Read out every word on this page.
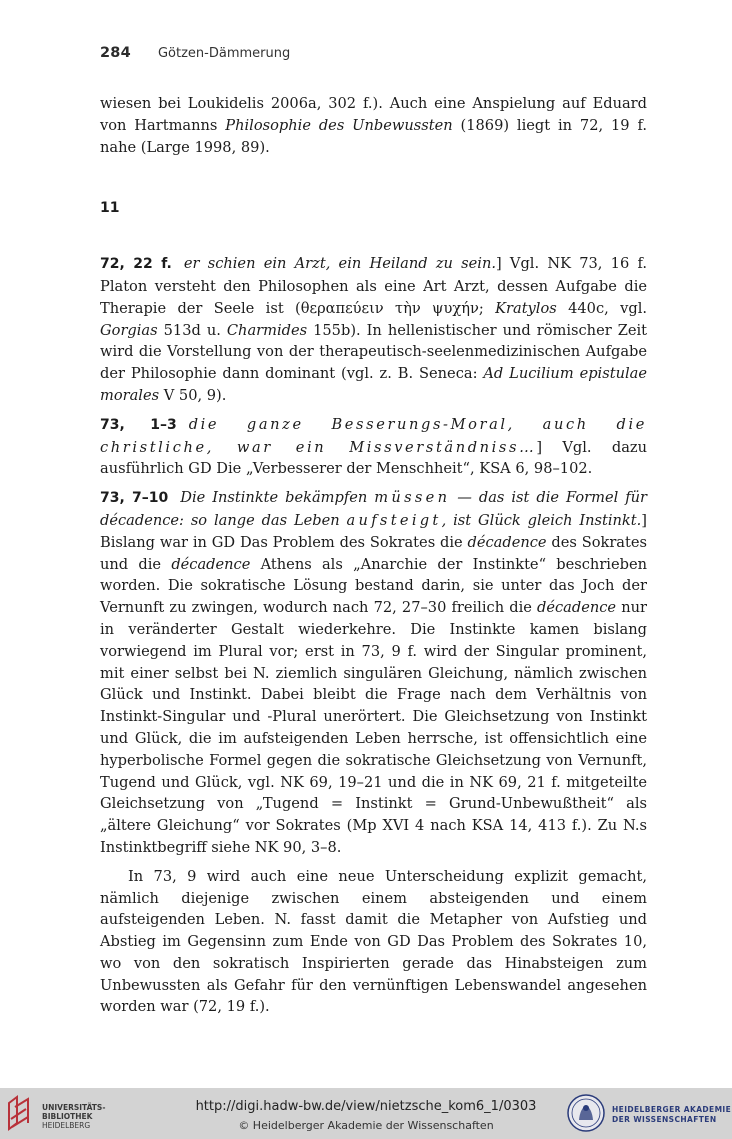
284 Götzen-Dämmerung

wiesen bei Loukidelis 2006a, 302 f.). Auch eine Anspielung auf Eduard von Hartmanns Philosophie des Unbewussten (1869) liegt in 72, 19 f. nahe (Large 1998, 89).

11

72, 22 f. er schien ein Arzt, ein Heiland zu sein.] Vgl. NK 73, 16 f. Platon versteht den Philosophen als eine Art Arzt, dessen Aufgabe die Therapie der Seele ist (θεραπεύειν τὴν ψυχήν; Kratylos 440c, vgl. Gorgias 513d u. Charmides 155b). In hellenistischer und römischer Zeit wird die Vorstellung von der therapeutisch-seelenmedizinischen Aufgabe der Philosophie dann dominant (vgl. z. B. Seneca: Ad Lucilium epistulae morales V 50, 9).

73, 1–3 die ganze Besserungs-Moral, auch die christliche, war ein Missverständniss…] Vgl. dazu ausführlich GD Die „Verbesserer der Menschheit“, KSA 6, 98–102.

73, 7–10 Die Instinkte bekämpfen müssen — das ist die Formel für décadence: so lange das Leben aufsteigt, ist Glück gleich Instinkt.] Bislang war in GD Das Problem des Sokrates die décadence des Sokrates und die décadence Athens als „Anarchie der Instinkte“ beschrieben worden. Die sokratische Lösung bestand darin, sie unter das Joch der Vernunft zu zwingen, wodurch nach 72, 27–30 freilich die décadence nur in veränderter Gestalt wiederkehre. Die Instinkte kamen bislang vorwiegend im Plural vor; erst in 73, 9 f. wird der Singular prominent, mit einer selbst bei N. ziemlich singulären Gleichung, nämlich zwischen Glück und Instinkt. Dabei bleibt die Frage nach dem Verhältnis von Instinkt-Singular und -Plural unerörtert. Die Gleichsetzung von Instinkt und Glück, die im aufsteigenden Leben herrsche, ist offensichtlich eine hyperbolische Formel gegen die sokratische Gleichsetzung von Vernunft, Tugend und Glück, vgl. NK 69, 19–21 und die in NK 69, 21 f. mitgeteilte Gleichsetzung von „Tugend = Instinkt = Grund-Unbewußtheit“ als „ältere Gleichung“ vor Sokrates (Mp XVI 4 nach KSA 14, 413 f.). Zu N.s Instinktbegriff siehe NK 90, 3–8.

In 73, 9 wird auch eine neue Unterscheidung explizit gemacht, nämlich diejenige zwischen einem absteigenden und einem aufsteigenden Leben. N. fasst damit die Metapher von Aufstieg und Abstieg im Gegensinn zum Ende von GD Das Problem des Sokrates 10, wo von den sokratisch Inspirierten gerade das Hinabsteigen zum Unbewussten als Gefahr für den vernünftigen Lebenswandel angesehen worden war (72, 19 f.).

UNIVERSITÄTS-
BIBLIOTHEK
HEIDELBERG
http://digi.hadw-bw.de/view/nietzsche_kom6_1/0303
© Heidelberger Akademie der Wissenschaften
HEIDELBERGER AKADEMIE
DER WISSENSCHAFTEN
